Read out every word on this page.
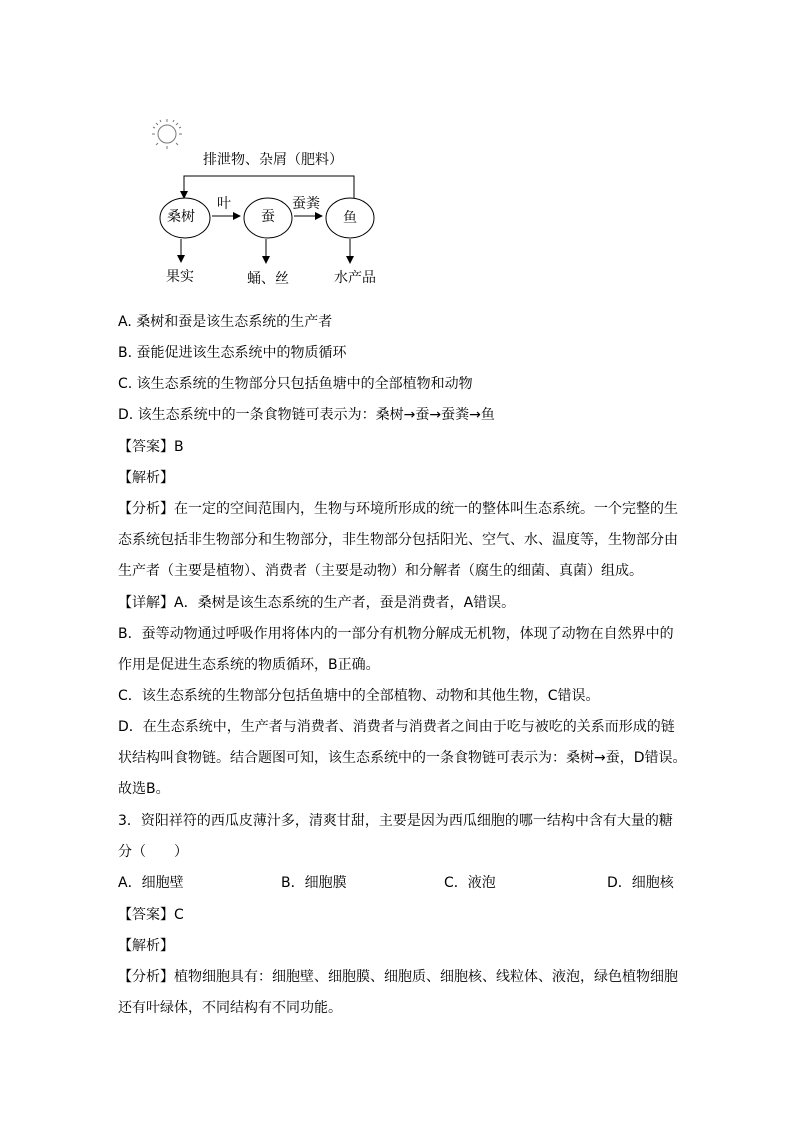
排泄物、杂屑（肥料）
桑树	蚕	鱼
叶	蚕粪
果实	蛹、丝	水产品
A. 桑树和蚕是该生态系统的生产者
B. 蚕能促进该生态系统中的物质循环
C. 该生态系统的生物部分只包括鱼塘中的全部植物和动物
D. 该生态系统中的一条食物链可表示为：桑树→蚕→蚕粪→鱼
【答案】B
【解析】
【分析】在一定的空间范围内，生物与环境所形成的统一的整体叫生态系统。一个完整的生
态系统包括非生物部分和生物部分，非生物部分包括阳光、空气、水、温度等，生物部分由
生产者（主要是植物）、消费者（主要是动物）和分解者（腐生的细菌、真菌）组成。
【详解】A．桑树是该生态系统的生产者，蚕是消费者，A错误。
B．蚕等动物通过呼吸作用将体内的一部分有机物分解成无机物，体现了动物在自然界中的
作用是促进生态系统的物质循环，B正确。
C．该生态系统的生物部分包括鱼塘中的全部植物、动物和其他生物，C错误。
D．在生态系统中，生产者与消费者、消费者与消费者之间由于吃与被吃的关系而形成的链
状结构叫食物链。结合题图可知，该生态系统中的一条食物链可表示为：桑树→蚕，D错误。
故选B。
3．资阳祥符的西瓜皮薄汁多，清爽甘甜，主要是因为西瓜细胞的哪一结构中含有大量的糖
分（　　）
A．细胞壁	B．细胞膜	C．液泡	D．细胞核
【答案】C
【解析】
【分析】植物细胞具有：细胞壁、细胞膜、细胞质、细胞核、线粒体、液泡，绿色植物细胞
还有叶绿体，不同结构有不同功能。
